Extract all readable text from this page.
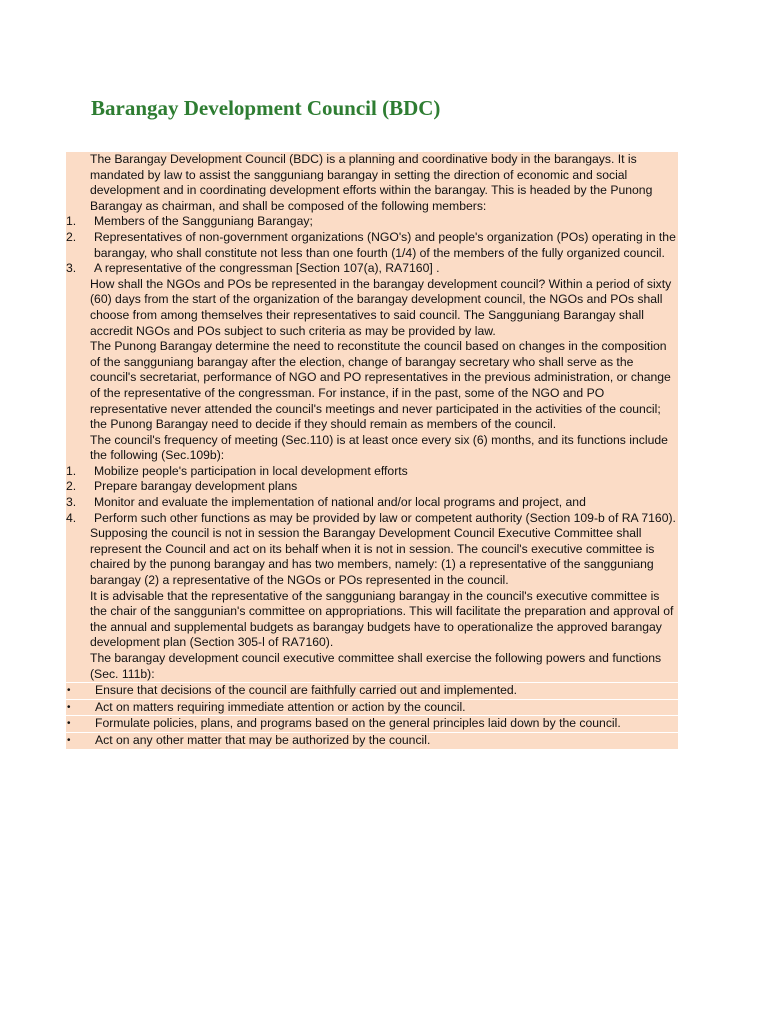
Barangay Development Council (BDC)

The Barangay Development Council (BDC) is a planning and coordinative body in the barangays. It is mandated by law to assist the sangguniang barangay in setting the direction of economic and social development and in coordinating development efforts within the barangay. This is headed by the Punong Barangay as chairman, and shall be composed of the following members:

1.	Members of the Sangguniang Barangay;
2.	Representatives of non-government organizations (NGO's) and people's organization (POs) operating in the barangay, who shall constitute not less than one fourth (1/4) of the members of the fully organized council.
3.	A representative of the congressman [Section 107(a), RA7160] .

How shall the NGOs and POs be represented in the barangay development council? Within a period of sixty (60) days from the start of the organization of the barangay development council, the NGOs and POs shall choose from among themselves their representatives to said council. The Sangguniang Barangay shall accredit NGOs and POs subject to such criteria as may be provided by law.

The Punong Barangay determine the need to reconstitute the council based on changes in the composition of the sangguniang barangay after the election, change of barangay secretary who shall serve as the council's secretariat, performance of NGO and PO representatives in the previous administration, or change of the representative of the congressman. For instance, if in the past, some of the NGO and PO representative never attended the council's meetings and never participated in the activities of the council; the Punong Barangay need to decide if they should remain as members of the council.

The council's frequency of meeting (Sec.110) is at least once every six (6) months, and its functions include the following (Sec.109b):

1.	Mobilize people's participation in local development efforts
2.	Prepare barangay development plans
3.	Monitor and evaluate the implementation of national and/or local programs and project, and
4.	Perform such other functions as may be provided by law or competent authority (Section 109-b of RA 7160).

Supposing the council is not in session the Barangay Development Council Executive Committee shall represent the Council and act on its behalf when it is not in session. The council's executive committee is chaired by the punong barangay and has two members, namely: (1) a representative of the sangguniang barangay (2) a representative of the NGOs or POs represented in the council.

It is advisable that the representative of the sangguniang barangay in the council's executive committee is the chair of the sanggunian's committee on appropriations. This will facilitate the preparation and approval of the annual and supplemental budgets as barangay budgets have to operationalize the approved barangay development plan (Section 305-l of RA7160).

The barangay development council executive committee shall exercise the following powers and functions (Sec. 111b):

•	Ensure that decisions of the council are faithfully carried out and implemented.
•	Act on matters requiring immediate attention or action by the council.
•	Formulate policies, plans, and programs based on the general principles laid down by the council.
•	Act on any other matter that may be authorized by the council.
